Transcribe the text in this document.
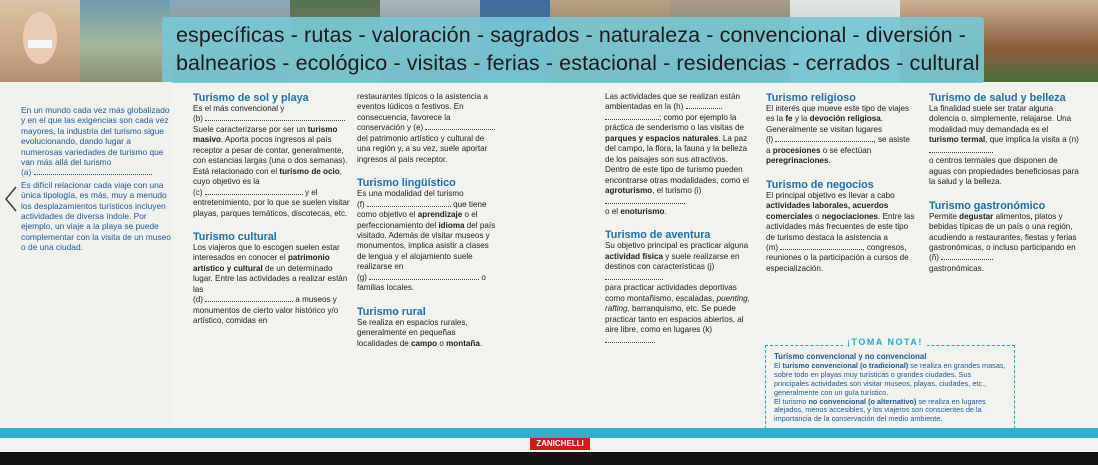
específicas - rutas - valoración - sagrados - naturaleza - convencional - diversión -
balnearios - ecológico - visitas - ferias - estacional - residencias - cerrados - cultural
En un mundo cada vez más globalizado y en el que las exigencias son cada vez mayores, la industria del turismo sigue evolucionando, dando lugar a numerosas variedades de turismo que van más allá del turismo
(a)
Es difícil relacionar cada viaje con una única tipología, es más, muy a menudo los desplazamientos turísticos incluyen actividades de diversa índole. Por ejemplo, un viaje a la playa se puede complementar con la visita de un museo o de una ciudad.
Turismo de sol y playa

Es el más convencional y
(b)
Suele caracterizarse por ser un turismo masivo. Aporta pocos ingresos al país receptor a pesar de contar, generalmente, con estancias largas (una o dos semanas). Está relacionado con el turismo de ocio, cuyo objetivo es la
(c)	y el entretenimiento, por lo que se suelen visitar playas, parques temáticos, discotecas, etc.

Turismo cultural

Los viajeros que lo escogen suelen estar interesados en conocer el patrimonio artístico y cultural de un determinado lugar. Entre las actividades a realizar están las
(d)	a museos y monumentos de cierto valor histórico y/o artístico, comidas en

restaurantes típicos o la asistencia a eventos lúdicos o festivos. En consecuencia, favorece la conservación y (e)  del patrimonio artístico y cultural de una región y, a su vez, suele aportar ingresos al país receptor.

Turismo lingüístico

Es una modalidad del turismo
(f)	que tiene como objetivo el aprendizaje o el perfeccionamiento del idioma del país visitado. Además de visitar museos y monumentos, implica asistir a clases de lengua y el alojamiento suele realizarse en
(g)	o familias locales.

Turismo rural

Se realiza en espacios rurales, generalmente en pequeñas localidades de campo o montaña.

Las actividades que se realizan están ambientadas en la (h)
; como por ejemplo la práctica de senderismo o las visitas de parques y espacios naturales. La paz del campo, la flora, la fauna y la belleza de los paisajes son sus atractivos. Dentro de este tipo de turismo pueden encontrarse otras modalidades, como el agroturismo, el turismo (i)
o el enoturismo.

Turismo de aventura

Su objetivo principal es practicar alguna actividad física y suele realizarse en destinos con características (j)
para practicar actividades deportivas como montañismo, escaladas, puenting, rafting, barranquismo, etc. Se puede practicar tanto en espacios abiertos, al aire libre, como en lugares (k)

Turismo religioso

El interés que mueve este tipo de viajes es la fe y la devoción religiosa. Generalmente se visitan lugares
(l)	, se asiste a procesiones o se efectúan peregrinaciones.

Turismo de negocios

El principal objetivo es llevar a cabo actividades laborales, acuerdos comerciales o negociaciones. Entre las actividades más frecuentes de este tipo de turismo destaca la asistencia a
(m)	, congresos, reuniones o la participación a cursos de especialización.

Turismo de salud y belleza

La finalidad suele ser tratar alguna dolencia o, simplemente, relajarse. Una modalidad muy demandada es el turismo termal, que implica la visita a (n)
o centros termales que disponen de aguas con propiedades beneficiosas para la salud y la belleza.

Turismo gastronómico

Permite degustar alimentos, platos y bebidas típicas de un país o una región, acudiendo a restaurantes, fiestas y ferias gastronómicas, o incluso participando en (ñ)
gastronómicas.

Turismo convencional y no convencional

El turismo convencional (o tradicional) se realiza en grandes masas, sobre todo en playas muy turísticas o grandes ciudades. Sus principales actividades son visitar museos, playas, ciudades, etc., generalmente con un guía turístico.

El turismo no convencional (o alternativo) se realiza en lugares alejados, menos accesibles, y los viajeros son conscientes de la importancia de la conservación del medio ambiente.

¡TOMA NOTA!
ZANICHELLI
